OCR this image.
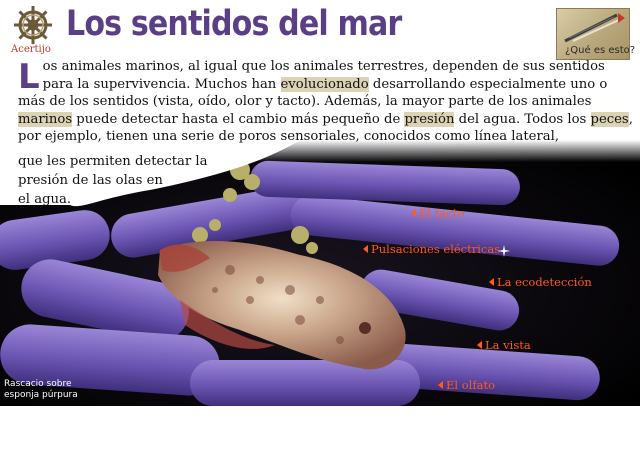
Acertijo
Los sentidos del mar
¿Qué es esto?
Los animales marinos, al igual que los animales terrestres, dependen de sus sentidos para la supervivencia. Muchos han evolucionado desarrollando especialmente uno o más de los sentidos (vista, oído, olor y tacto). Además, la mayor parte de los animales marinos puede detectar hasta el cambio más pequeño de presión del agua. Todos los peces, por ejemplo, tienen una serie de poros sensoriales, conocidos como línea lateral,
que les permiten detectar la
presión de las olas en
el agua.
El tacto
Pulsaciones eléctricas
La ecodetección
La vista
El olfato
Rascacio sobre
esponja púrpura
